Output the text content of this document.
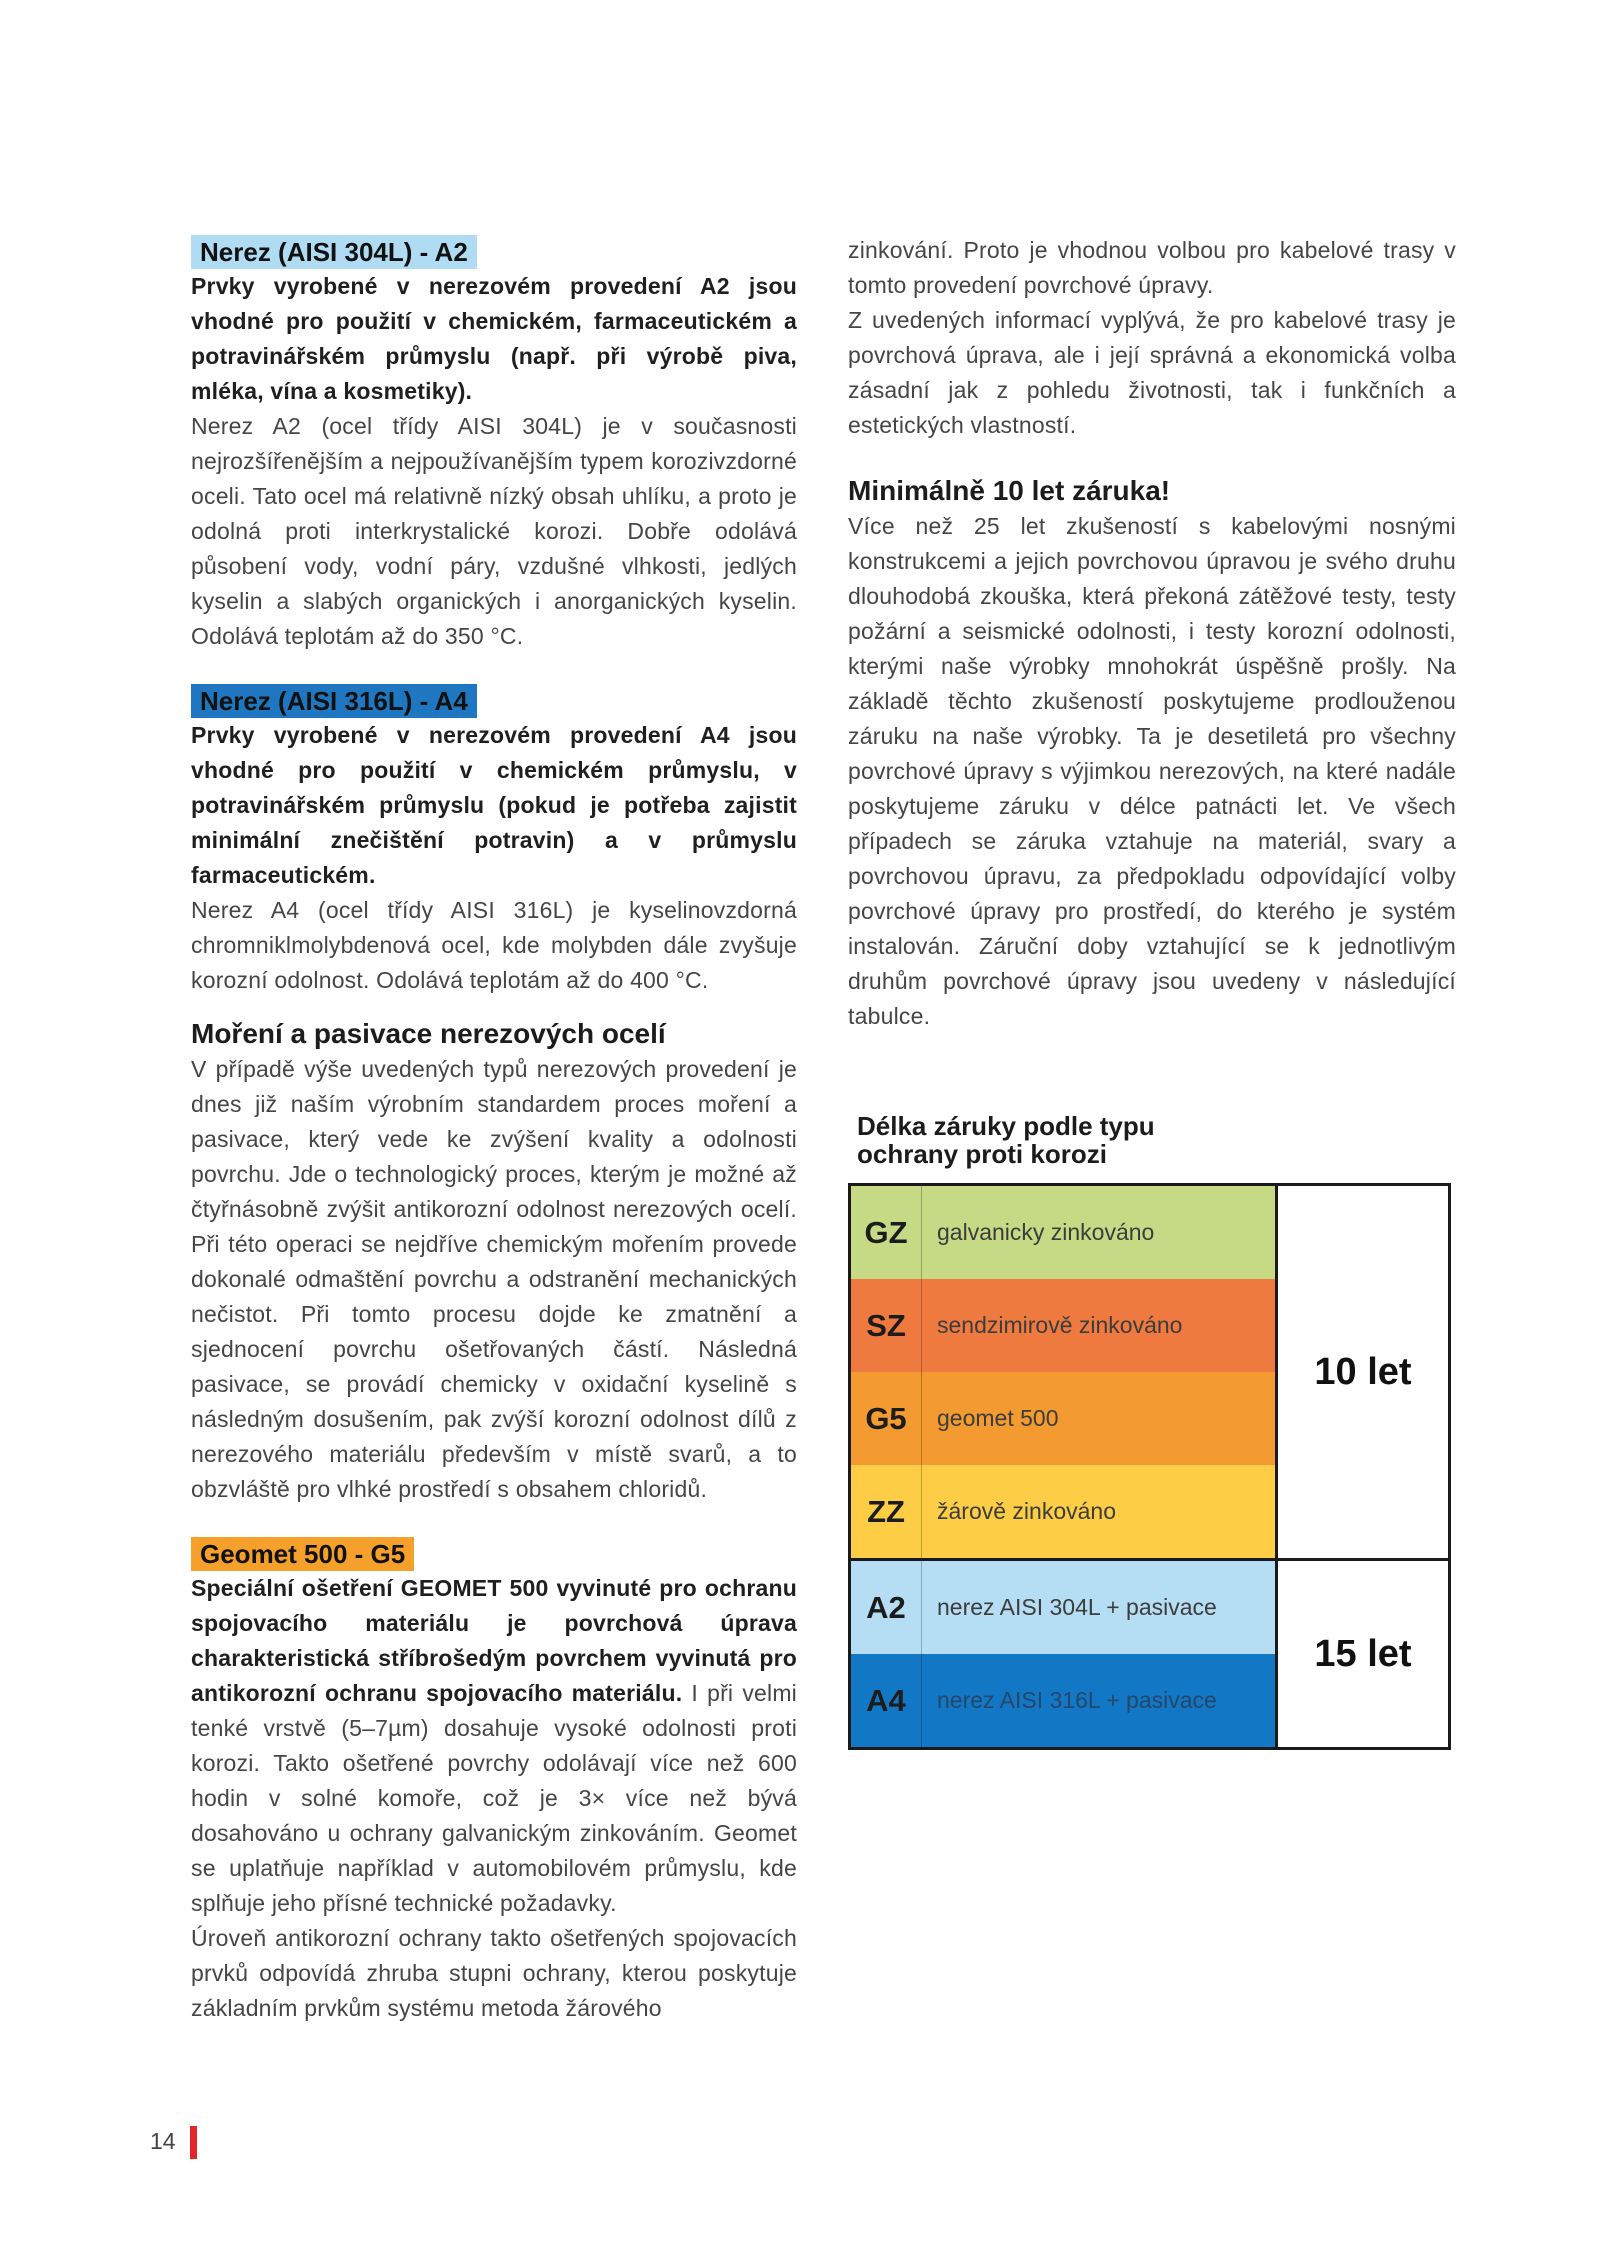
Nerez (AISI 304L) - A2

Prvky vyrobené v nerezovém provedení A2 jsou vhodné pro použití v chemickém, farmaceutickém a potravinářském průmyslu (např. při výrobě piva, mléka, vína a kosmetiky).

Nerez A2 (ocel třídy AISI 304L) je v současnosti nejrozšířenějším a nejpoužívanějším typem korozivzdorné oceli. Tato ocel má relativně nízký obsah uhlíku, a proto je odolná proti interkrystalické korozi. Dobře odolává působení vody, vodní páry, vzdušné vlhkosti, jedlých kyselin a slabých organických i anorganických kyselin. Odolává teplotám až do 350 °C.

Nerez (AISI 316L) - A4

Prvky vyrobené v nerezovém provedení A4 jsou vhodné pro použití v chemickém průmyslu, v potravinářském průmyslu (pokud je potřeba zajistit minimální znečištění potravin) a v průmyslu farmaceutickém.

Nerez A4 (ocel třídy AISI 316L) je kyselinovzdorná chromniklmolybdenová ocel, kde molybden dále zvyšuje korozní odolnost. Odolává teplotám až do 400 °C.

Moření a pasivace nerezových ocelí

V případě výše uvedených typů nerezových provedení je dnes již naším výrobním standardem proces moření a pasivace, který vede ke zvýšení kvality a odolnosti povrchu. Jde o technologický proces, kterým je možné až čtyřnásobně zvýšit antikorozní odolnost nerezových ocelí. Při této operaci se nejdříve chemickým mořením provede dokonalé odmaštění povrchu a odstranění mechanických nečistot. Při tomto procesu dojde ke zmatnění a sjednocení povrchu ošetřovaných částí. Následná pasivace, se provádí chemicky v oxidační kyselině s následným dosušením, pak zvýší korozní odolnost dílů z nerezového materiálu především v místě svarů, a to obzvláště pro vlhké prostředí s obsahem chloridů.

Geomet 500 - G5

Speciální ošetření GEOMET 500 vyvinuté pro ochranu spojovacího materiálu je povrchová úprava charakteristická stříbrošedým povrchem vyvinutá pro antikorozní ochranu spojovacího materiálu. I při velmi tenké vrstvě (5–7µm) dosahuje vysoké odolnosti proti korozi. Takto ošetřené povrchy odolávají více než 600 hodin v solné komoře, což je 3× více než bývá dosahováno u ochrany galvanickým zinkováním. Geomet se uplatňuje například v automobilovém průmyslu, kde splňuje jeho přísné technické požadavky.

Úroveň antikorozní ochrany takto ošetřených spojovacích prvků odpovídá zhruba stupni ochrany, kterou poskytuje základním prvkům systému metoda žárového

zinkování. Proto je vhodnou volbou pro kabelové trasy v tomto provedení povrchové úpravy.

Z uvedených informací vyplývá, že pro kabelové trasy je povrchová úprava, ale i její správná a ekonomická volba zásadní jak z pohledu životnosti, tak i funkčních a estetických vlastností.

Minimálně 10 let záruka!

Více než 25 let zkušeností s kabelovými nosnými konstrukcemi a jejich povrchovou úpravou je svého druhu dlouhodobá zkouška, která překoná zátěžové testy, testy požární a seismické odolnosti, i testy korozní odolnosti, kterými naše výrobky mnohokrát úspěšně prošly. Na základě těchto zkušeností poskytujeme prodlouženou záruku na naše výrobky. Ta je desetiletá pro všechny povrchové úpravy s výjimkou nerezových, na které nadále poskytujeme záruku v délce patnácti let. Ve všech případech se záruka vztahuje na materiál, svary a povrchovou úpravu, za předpokladu odpovídající volby povrchové úpravy pro prostředí, do kterého je systém instalován. Záruční doby vztahující se k jednotlivým druhům povrchové úpravy jsou uvedeny v následující tabulce.

Délka záruky podle typu

ochrany proti korozi

GZ	galvanicky zinkováno	10 let
SZ	sendzimirově zinkováno	
G5	geomet 500	
ZZ	žárově zinkováno	
A2	nerez AISI 304L + pasivace	15 let
A4	nerez AISI 316L + pasivace	
14
